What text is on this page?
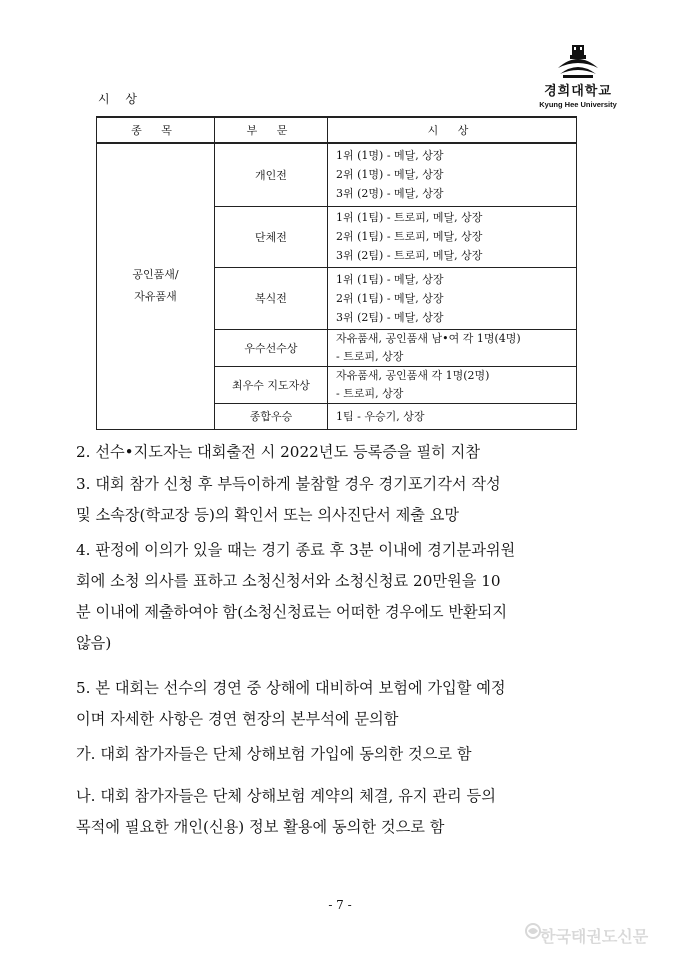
경희대학교
Kyung Hee University
시 상
종 목	부 문	시 상

공인품새/
자유품새	개인전	1위 (1명) - 메달, 상장
2위 (1명) - 메달, 상장
3위 (2명) - 메달, 상장

	단체전	1위 (1팀) - 트로피, 메달, 상장
2위 (1팀) - 트로피, 메달, 상장
3위 (2팀) - 트로피, 메달, 상장

	복식전	1위 (1팀) - 메달, 상장
2위 (1팀) - 메달, 상장
3위 (2팀) - 메달, 상장

	우수선수상	자유품새, 공인품새 남•여 각 1명(4명)
- 트로피, 상장

	최우수 지도자상	자유품새, 공인품새 각 1명(2명)
- 트로피, 상장

	종합우승	1팀 - 우승기, 상장
2. 선수•지도자는 대회출전 시 2022년도 등록증을 필히 지참
3. 대회 참가 신청 후 부득이하게 불참할 경우 경기포기각서 작성
및 소속장(학교장 등)의 확인서 또는 의사진단서 제출 요망
4. 판정에 이의가 있을 때는 경기 종료 후 3분 이내에 경기분과위원
회에 소청 의사를 표하고 소청신청서와 소청신청료 20만원을 10
분 이내에 제출하여야 함(소청신청료는 어떠한 경우에도 반환되지
않음)
5. 본 대회는 선수의 경연 중 상해에 대비하여 보험에 가입할 예정
이며 자세한 사항은 경연 현장의 본부석에 문의함
가. 대회 참가자들은 단체 상해보험 가입에 동의한 것으로 함
나. 대회 참가자들은 단체 상해보험 계약의 체결, 유지 관리 등의
목적에 필요한 개인(신용) 정보 활용에 동의한 것으로 함
- 7 -
한국태권도신문
